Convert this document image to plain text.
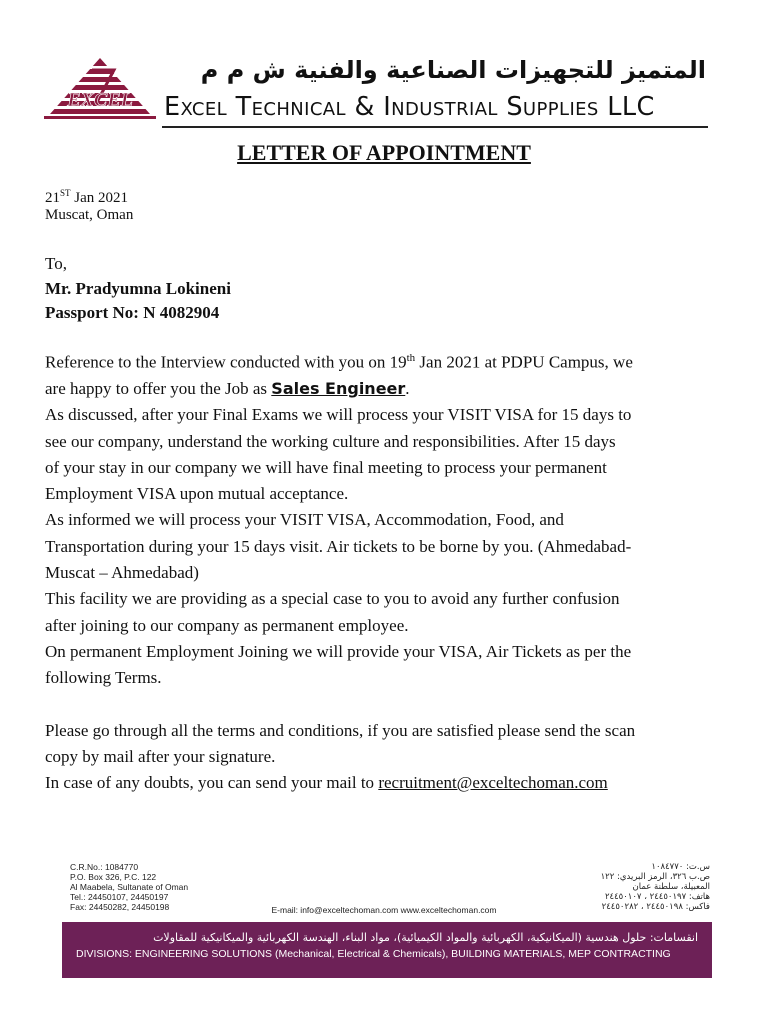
EXCEL
المتميز للتجهيزات الصناعية والفنية ش م م
Excel Technical & Industrial Supplies LLC
LETTER OF APPOINTMENT
21ST Jan 2021
Muscat, Oman
To,
Mr. Pradyumna Lokineni
Passport No: N 4082904
Reference to the Interview conducted with you on 19th Jan 2021 at PDPU Campus, we
are happy to offer you the Job as Sales Engineer.
As discussed, after your Final Exams we will process your VISIT VISA for 15 days to
see our company, understand the working culture and responsibilities. After 15 days
of your stay in our company we will have final meeting to process your permanent
Employment VISA upon mutual acceptance.
As informed we will process your VISIT VISA, Accommodation, Food, and
Transportation during your 15 days visit. Air tickets to be borne by you. (Ahmedabad-
Muscat – Ahmedabad)
This facility we are providing as a special case to you to avoid any further confusion
after joining to our company as permanent employee.
On permanent Employment Joining we will provide your VISA, Air Tickets as per the
following Terms.
Please go through all the terms and conditions, if you are satisfied please send the scan
copy by mail after your signature.
In case of any doubts, you can send your mail to recruitment@exceltechoman.com
C.R.No.: 1084770
P.O. Box 326, P.C. 122
Al Maabela, Sultanate of Oman
Tel.: 24450107, 24450197
Fax: 24450282, 24450198
س.ت: ١٠٨٤٧٧٠
ص.ب ٣٢٦، الرمز البريدي: ١٢٢
المعبيلة، سلطنة عمان
هاتف: ٢٤٤٥٠١٩٧ ، ٢٤٤٥٠١٠٧
فاكس: ٢٤٤٥٠١٩٨ ، ٢٤٤٥٠٢٨٢
E-mail: info@exceltechoman.com www.exceltechoman.com
انقسامات: حلول هندسية (الميكانيكية، الكهربائية والمواد الكيميائية)، مواد البناء، الهندسة الكهربائية والميكانيكية للمقاولات
DIVISIONS: ENGINEERING SOLUTIONS (Mechanical, Electrical & Chemicals), BUILDING MATERIALS, MEP CONTRACTING
